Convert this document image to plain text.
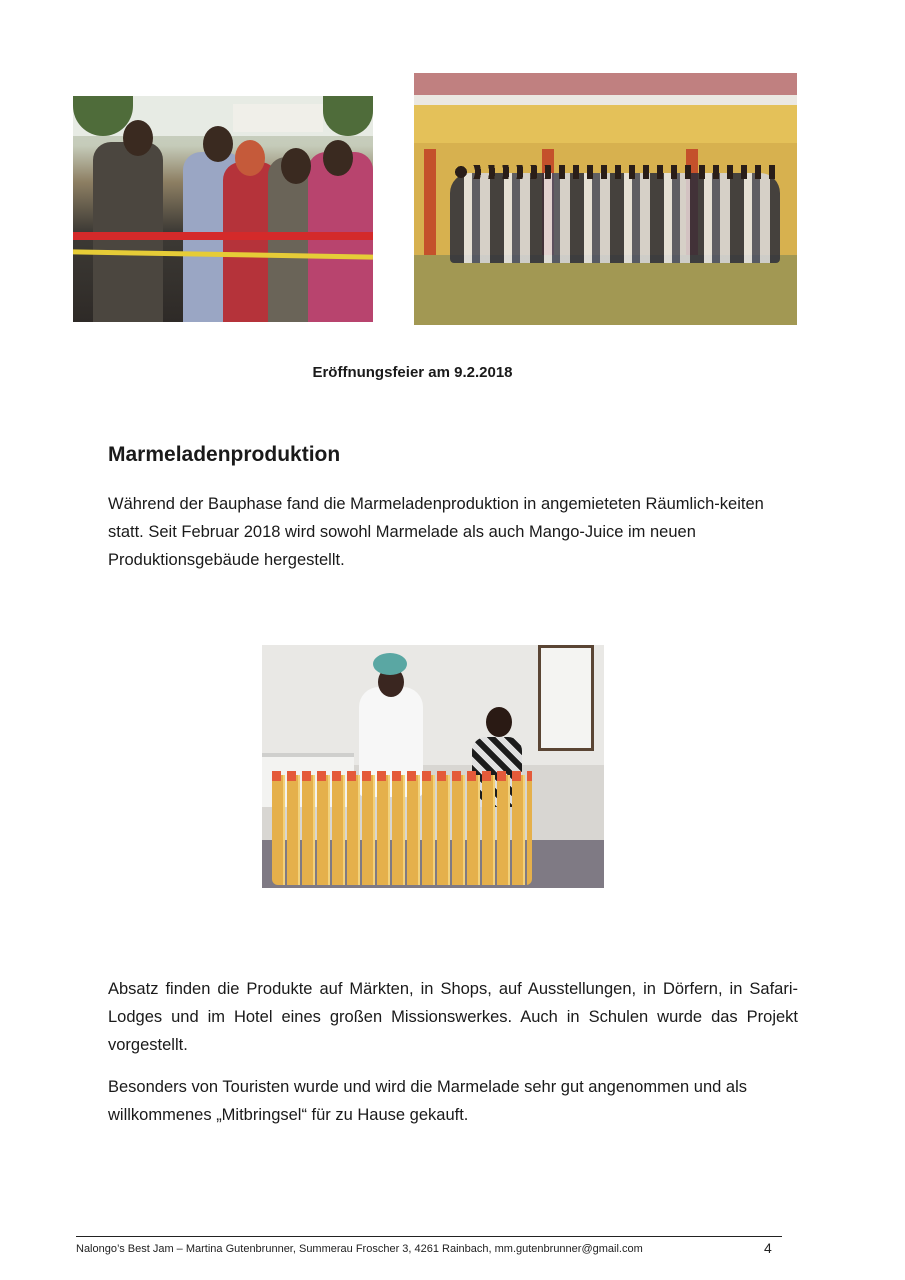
Eröffnungsfeier am 9.2.2018
Marmeladenproduktion

Während der Bauphase fand die Marmeladenproduktion in angemieteten Räumlich-keiten statt. Seit Februar 2018 wird sowohl Marmelade als auch Mango-Juice im neuen Produktionsgebäude hergestellt.

Absatz finden die Produkte auf Märkten, in Shops, auf Ausstellungen, in Dörfern, in Safari-Lodges und im Hotel eines großen Missionswerkes. Auch in Schulen wurde das Projekt vorgestellt.

Besonders von Touristen wurde und wird die Marmelade sehr gut angenommen und als willkommenes „Mitbringsel“ für zu Hause gekauft.

Nalongo’s Best Jam – Martina Gutenbrunner, Summerau Froscher 3, 4261 Rainbach, mm.gutenbrunner@gmail.com	4
